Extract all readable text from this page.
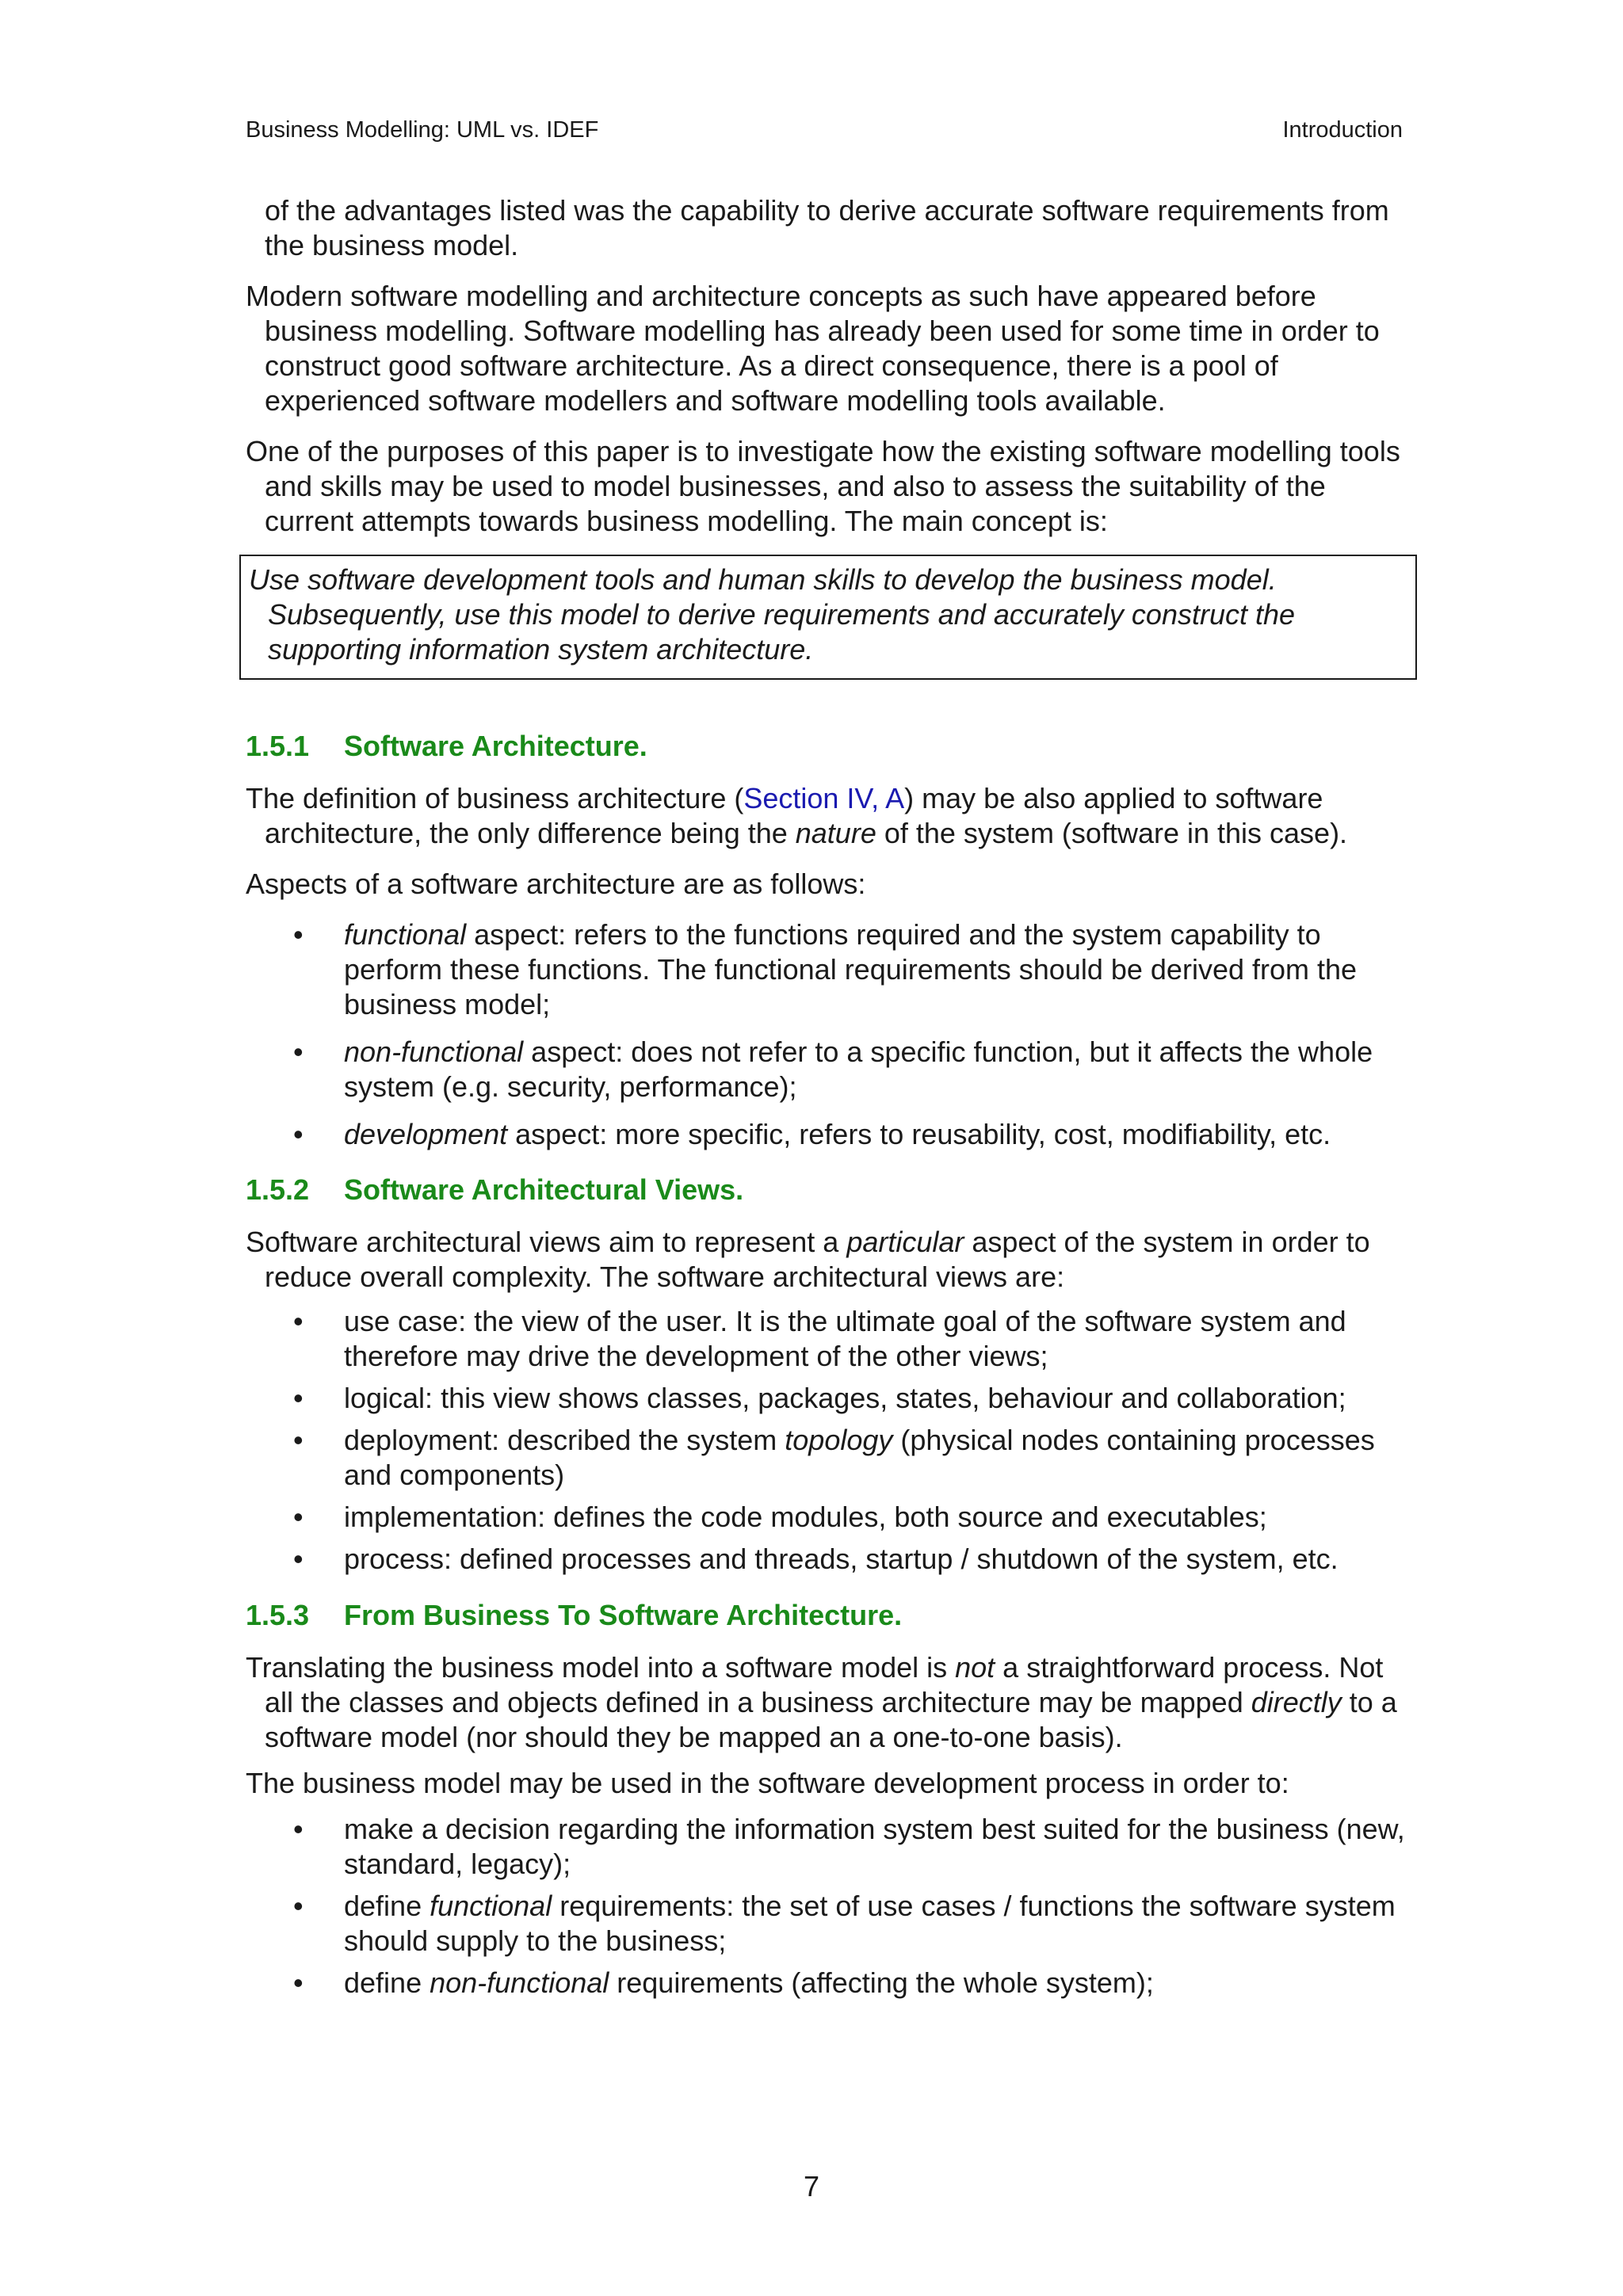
Business Modelling: UML vs. IDEF	Introduction

of the advantages listed was the capability to derive accurate software requirements from the business model.

Modern software modelling and architecture concepts as such have appeared before business modelling. Software modelling has already been used for some time in order to construct good software architecture. As a direct consequence, there is a pool of experienced software modellers and software modelling tools available.

One of the purposes of this paper is to investigate how the existing software modelling tools and skills may be used to model businesses, and also to assess the suitability of the current attempts towards business modelling. The main concept is:

Use software development tools and human skills to develop the business model. Subsequently, use this model to derive requirements and accurately construct the supporting information system architecture.

1.5.1 Software Architecture.

The definition of business architecture (Section IV, A) may be also applied to software architecture, the only difference being the nature of the system (software in this case).

Aspects of a software architecture are as follows:

• functional aspect: refers to the functions required and the system capability to perform these functions. The functional requirements should be derived from the business model;
• non-functional aspect: does not refer to a specific function, but it affects the whole system (e.g. security, performance);
• development aspect: more specific, refers to reusability, cost, modifiability, etc.
1.5.2 Software Architectural Views.

Software architectural views aim to represent a particular aspect of the system in order to reduce overall complexity. The software architectural views are:

• use case: the view of the user. It is the ultimate goal of the software system and therefore may drive the development of the other views;
• logical: this view shows classes, packages, states, behaviour and collaboration;
• deployment: described the system topology (physical nodes containing processes and components)
• implementation: defines the code modules, both source and executables;
• process: defined processes and threads, startup / shutdown of the system, etc.
1.5.3 From Business To Software Architecture.

Translating the business model into a software model is not a straightforward process. Not all the classes and objects defined in a business architecture may be mapped directly to a software model (nor should they be mapped an a one-to-one basis).

The business model may be used in the software development process in order to:

• make a decision regarding the information system best suited for the business (new, standard, legacy);
• define functional requirements: the set of use cases / functions the software system should supply to the business;
• define non-functional requirements (affecting the whole system);
7
